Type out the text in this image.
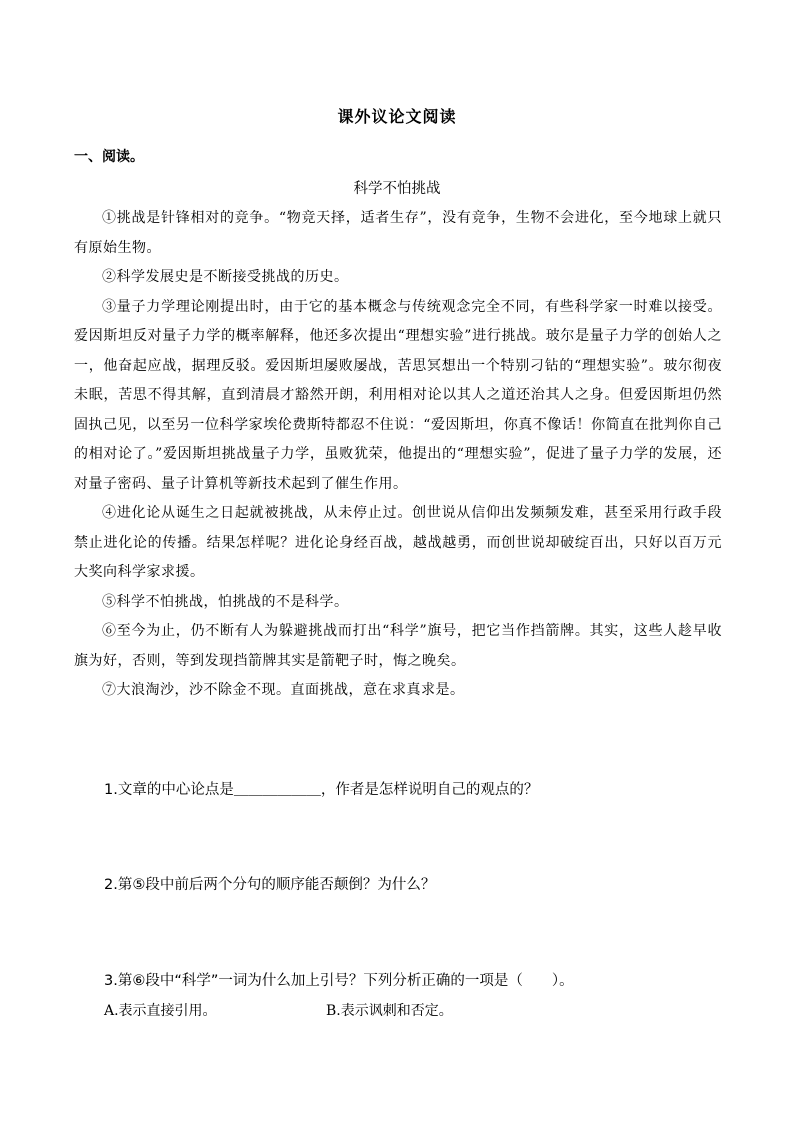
课外议论文阅读
一、阅读。
科学不怕挑战

①挑战是针锋相对的竞争。“物竞天择，适者生存”，没有竞争，生物不会进化，至今地球上就只有原始生物。

②科学发展史是不断接受挑战的历史。

③量子力学理论刚提出时，由于它的基本概念与传统观念完全不同，有些科学家一时难以接受。爱因斯坦反对量子力学的概率解释，他还多次提出“理想实验”进行挑战。玻尔是量子力学的创始人之一，他奋起应战，据理反驳。爱因斯坦屡败屡战，苦思冥想出一个特别刁钻的“理想实验”。玻尔彻夜未眠，苦思不得其解，直到清晨才豁然开朗，利用相对论以其人之道还治其人之身。但爱因斯坦仍然固执己见，以至另一位科学家埃伦费斯特都忍不住说：“爱因斯坦，你真不像话！你简直在批判你自己的相对论了。”爱因斯坦挑战量子力学，虽败犹荣，他提出的“理想实验”，促进了量子力学的发展，还对量子密码、量子计算机等新技术起到了催生作用。

④进化论从诞生之日起就被挑战，从未停止过。创世说从信仰出发频频发难，甚至采用行政手段禁止进化论的传播。结果怎样呢？进化论身经百战，越战越勇，而创世说却破绽百出，只好以百万元大奖向科学家求援。

⑤科学不怕挑战，怕挑战的不是科学。

⑥至今为止，仍不断有人为躲避挑战而打出“科学”旗号，把它当作挡箭牌。其实，这些人趁早收旗为好，否则，等到发现挡箭牌其实是箭靶子时，悔之晚矣。

⑦大浪淘沙，沙不除金不现。直面挑战，意在求真求是。

1.文章的中心论点是＿＿＿＿＿＿，作者是怎样说明自己的观点的？
2.第⑤段中前后两个分句的顺序能否颠倒？为什么？
3.第⑥段中“科学”一词为什么加上引号？下列分析正确的一项是（　　）。
A.表示直接引用。	B.表示讽刺和否定。
